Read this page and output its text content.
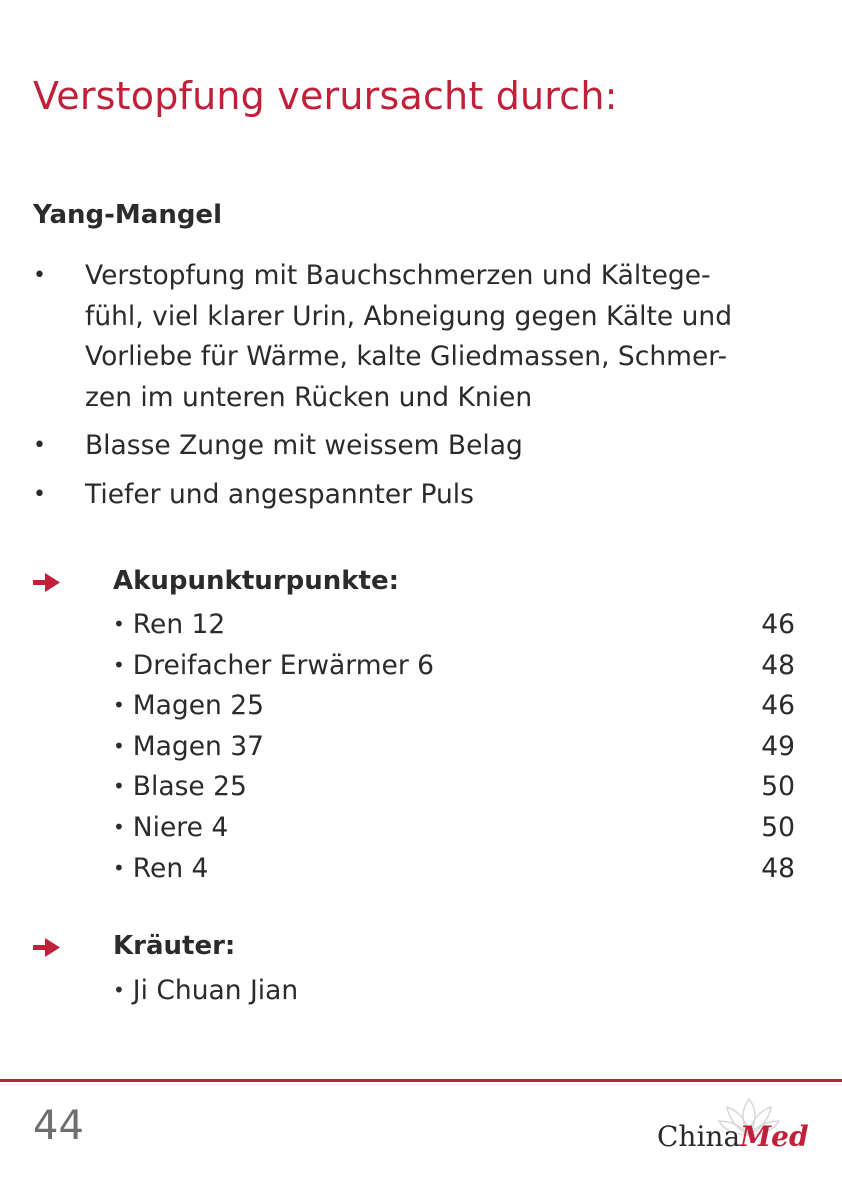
Verstopfung verursacht durch:
Yang-Mangel
• Verstopfung mit Bauchschmerzen und Kältege-
fühl, viel klarer Urin, Abneigung gegen Kälte und
Vorliebe für Wärme, kalte Gliedmassen, Schmer-
zen im unteren Rücken und Knien
• Blasse Zunge mit weissem Belag
• Tiefer und angespannter Puls
Akupunkturpunkte:
• Ren 12	46
• Dreifacher Erwärmer 6	48
• Magen 25	46
• Magen 37	49
• Blase 25	50
• Niere 4	50
• Ren 4	48
Kräuter:
• Ji Chuan Jian
44	ChinaMed
